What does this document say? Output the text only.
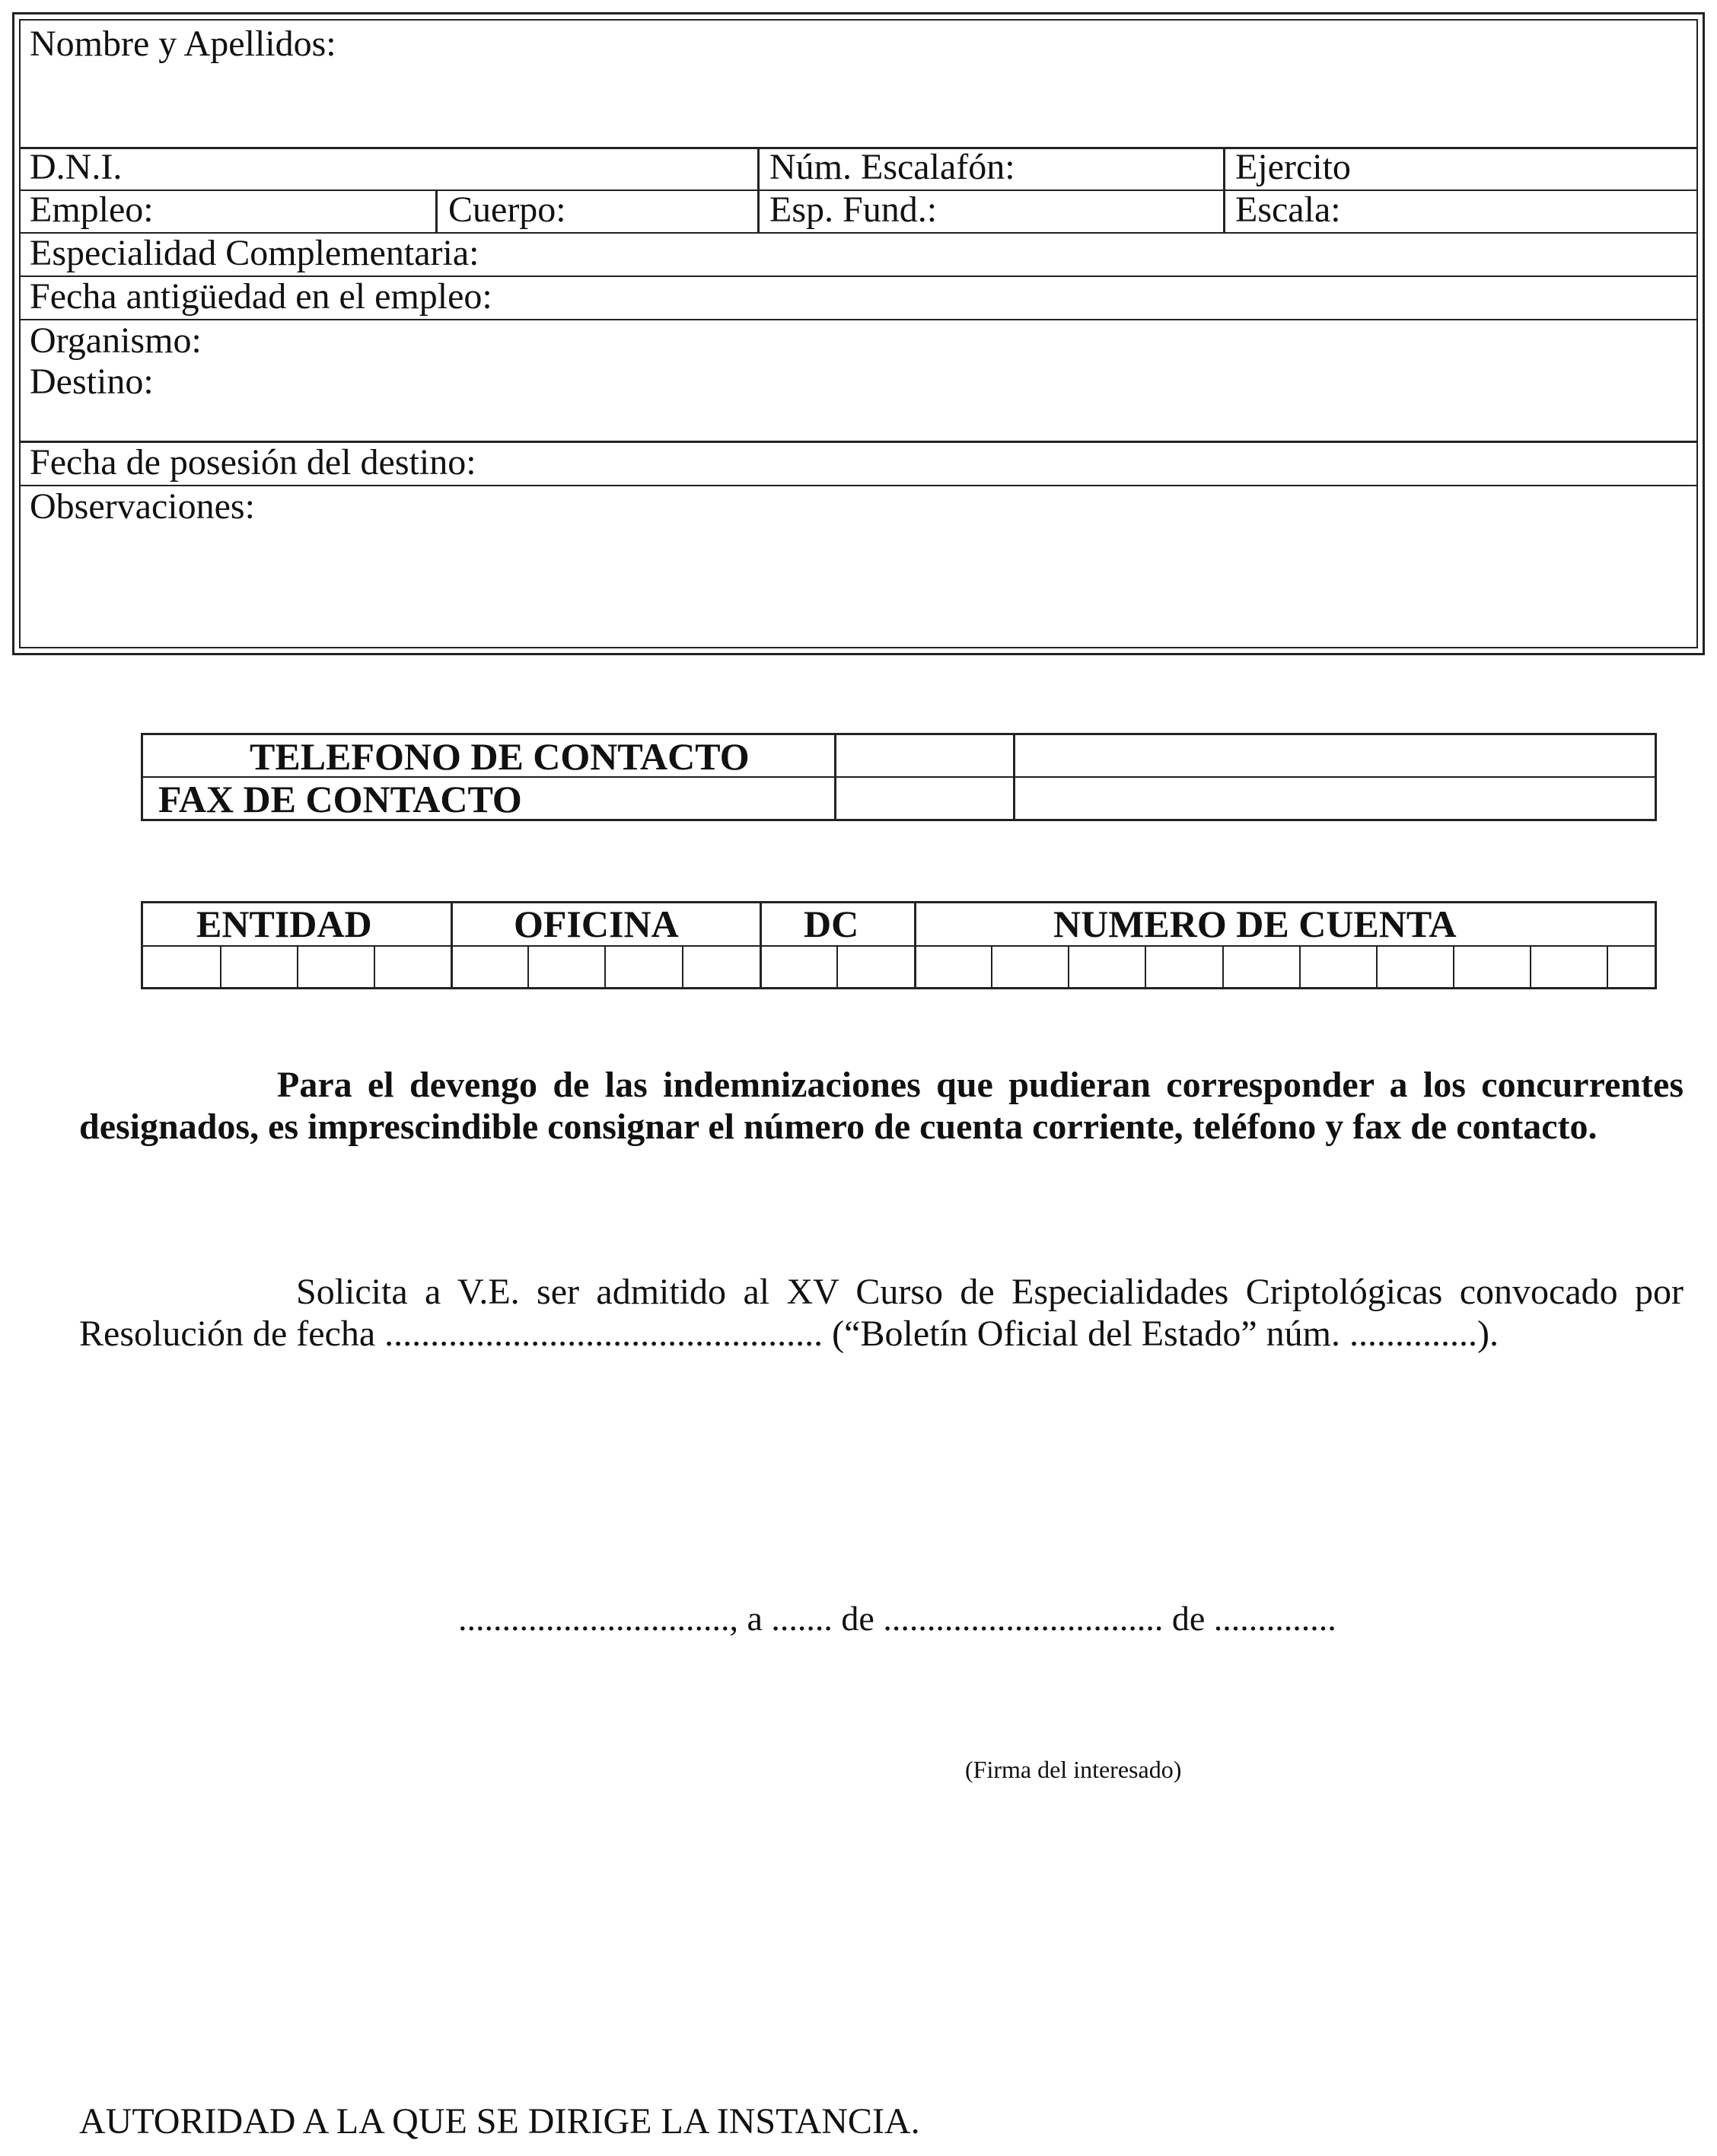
Nombre y Apellidos:
D.N.I.	Núm. Escalafón:	Ejercito
Empleo:	Cuerpo:	Esp. Fund.:	Escala:
Especialidad Complementaria:
Fecha antigüedad en el empleo:
Organismo:
Destino:
Fecha de posesión del destino:
Observaciones:
TELEFONO DE CONTACTO
FAX DE CONTACTO
ENTIDAD	OFICINA	DC	NUMERO DE CUENTA
Para el devengo de las indemnizaciones que pudieran corresponder a los concurrentes designados, es imprescindible consignar el número de cuenta corriente, teléfono y fax de contacto.
Solicita a V.E. ser admitido al XV Curso de Especialidades Criptológicas convocado por Resolución de fecha ................................................ (“Boletín Oficial del Estado” núm. ..............).
..............................., a ....... de ................................ de ..............
(Firma del interesado)
AUTORIDAD A LA QUE SE DIRIGE LA INSTANCIA.
